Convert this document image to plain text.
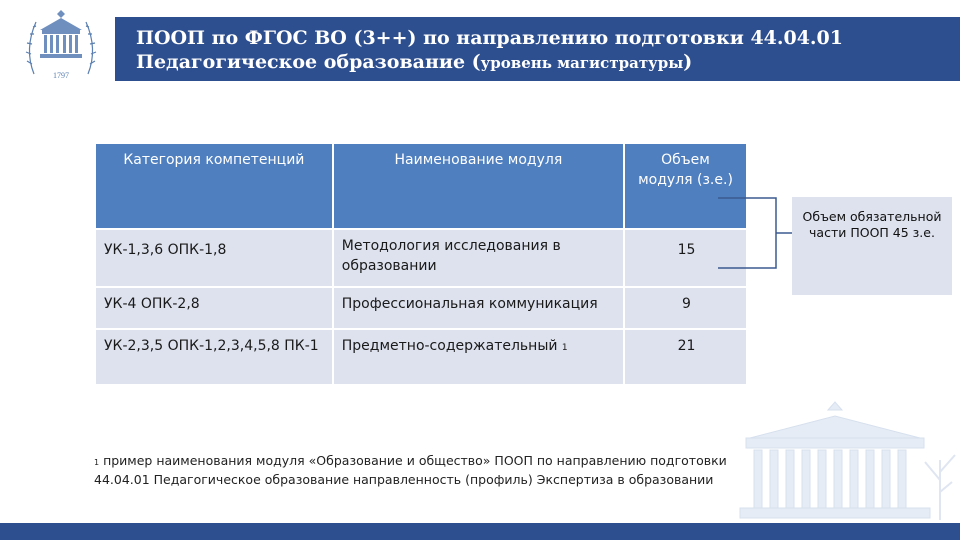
1797
ПООП по ФГОС ВО (3++) по направлению подготовки 44.04.01
Педагогическое образование (уровень магистратуры)
Категория компетенций	Наименование модуля	Объем модуля (з.е.)
УК-1,3,6 ОПК-1,8	Методология исследования в образовании	15
УК-4 ОПК-2,8	Профессиональная коммуникация	9
УК-2,3,5 ОПК-1,2,3,4,5,8 ПК-1	Предметно-содержательный 1	21
Объем обязательной части ПООП 45 з.е.
1 пример наименования модуля «Образование и общество» ПООП по направлению подготовки 44.04.01 Педагогическое образование направленность (профиль) Экспертиза в образовании
